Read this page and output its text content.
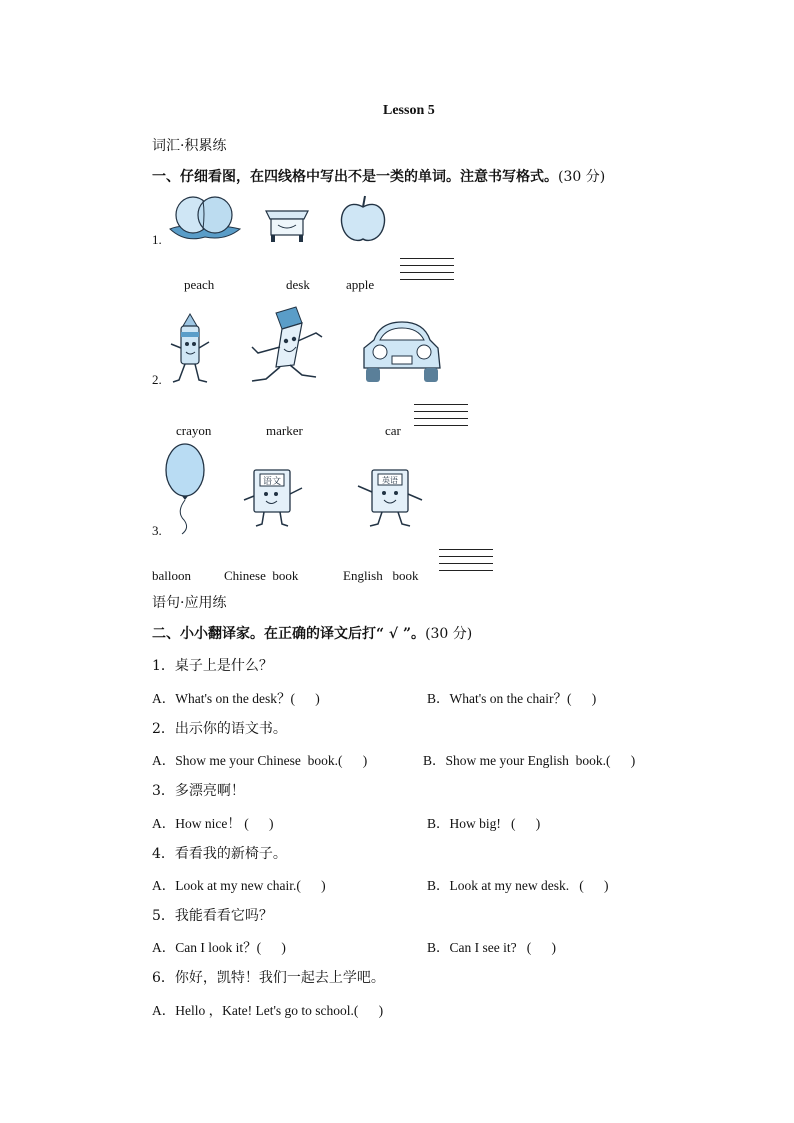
Lesson 5
词汇·积累练
一、仔细看图，在四线格中写出不是一类的单词。注意书写格式。(30 分)
1.
peach	desk	apple
2.
crayon	marker	car
3.
语文	英语
balloon	Chinese  book	English   book
语句·应用练
二、小小翻译家。在正确的译文后打“ √ ”。(30 分)
1．桌子上是什么？
A．What's on the desk？(      )	B．What's on the chair？(      )
2．出示你的语文书。
A．Show me your Chinese  book.(      )	B．Show me your English  book.(      )
3．多漂亮啊！
A．How nice！ (      )	B．How big!   (      )
4．看看我的新椅子。
A．Look at my new chair.(      )	B．Look at my new desk.   (      )
5．我能看看它吗？
A．Can I look it？(      )	B．Can I see it?   (      )
6．你好，凯特！我们一起去上学吧。
A．Hello ，Kate! Let's go to school.(      )
